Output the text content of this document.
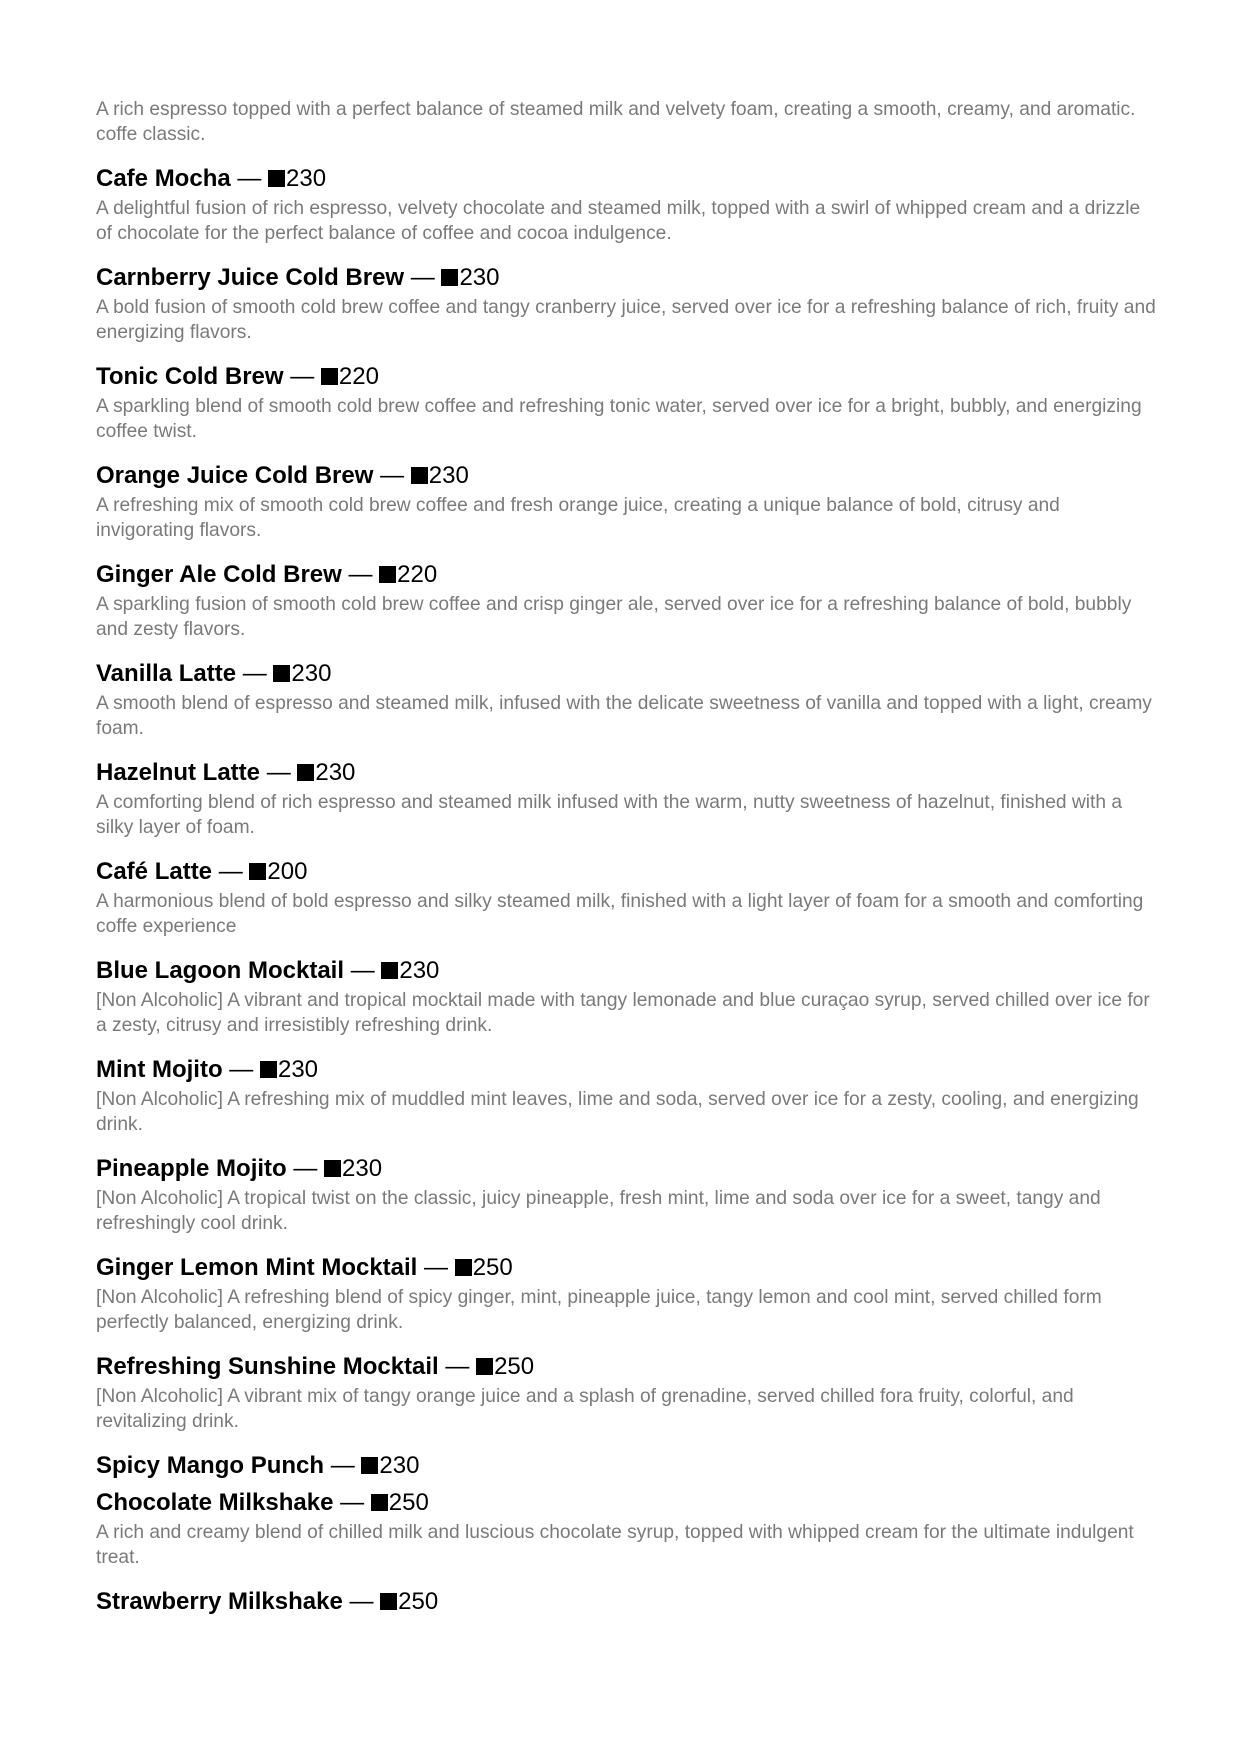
A rich espresso topped with a perfect balance of steamed milk and velvety foam, creating a smooth, creamy, and aromatic. coffe classic.
Cafe Mocha — 230
A delightful fusion of rich espresso, velvety chocolate and steamed milk, topped with a swirl of whipped cream and a drizzle of chocolate for the perfect balance of coffee and cocoa indulgence.
Carnberry Juice Cold Brew — 230
A bold fusion of smooth cold brew coffee and tangy cranberry juice, served over ice for a refreshing balance of rich, fruity and energizing flavors.
Tonic Cold Brew — 220
A sparkling blend of smooth cold brew coffee and refreshing tonic water, served over ice for a bright, bubbly, and energizing coffee twist.
Orange Juice Cold Brew — 230
A refreshing mix of smooth cold brew coffee and fresh orange juice, creating a unique balance of bold, citrusy and invigorating flavors.
Ginger Ale Cold Brew — 220
A sparkling fusion of smooth cold brew coffee and crisp ginger ale, served over ice for a refreshing balance of bold, bubbly and zesty flavors.
Vanilla Latte — 230
A smooth blend of espresso and steamed milk, infused with the delicate sweetness of vanilla and topped with a light, creamy foam.
Hazelnut Latte — 230
A comforting blend of rich espresso and steamed milk infused with the warm, nutty sweetness of hazelnut, finished with a silky layer of foam.
Café Latte — 200
A harmonious blend of bold espresso and silky steamed milk, finished with a light layer of foam for a smooth and comforting coffe experience
Blue Lagoon Mocktail — 230
[Non Alcoholic] A vibrant and tropical mocktail made with tangy lemonade and blue curaçao syrup, served chilled over ice for a zesty, citrusy and irresistibly refreshing drink.
Mint Mojito — 230
[Non Alcoholic] A refreshing mix of muddled mint leaves, lime and soda, served over ice for a zesty, cooling, and energizing drink.
Pineapple Mojito — 230
[Non Alcoholic] A tropical twist on the classic, juicy pineapple, fresh mint, lime and soda over ice for a sweet, tangy and refreshingly cool drink.
Ginger Lemon Mint Mocktail — 250
[Non Alcoholic] A refreshing blend of spicy ginger, mint, pineapple juice, tangy lemon and cool mint, served chilled form perfectly balanced, energizing drink.
Refreshing Sunshine Mocktail — 250
[Non Alcoholic] A vibrant mix of tangy orange juice and a splash of grenadine, served chilled fora fruity, colorful, and revitalizing drink.
Spicy Mango Punch — 230
Chocolate Milkshake — 250
A rich and creamy blend of chilled milk and luscious chocolate syrup, topped with whipped cream for the ultimate indulgent treat.
Strawberry Milkshake — 250
